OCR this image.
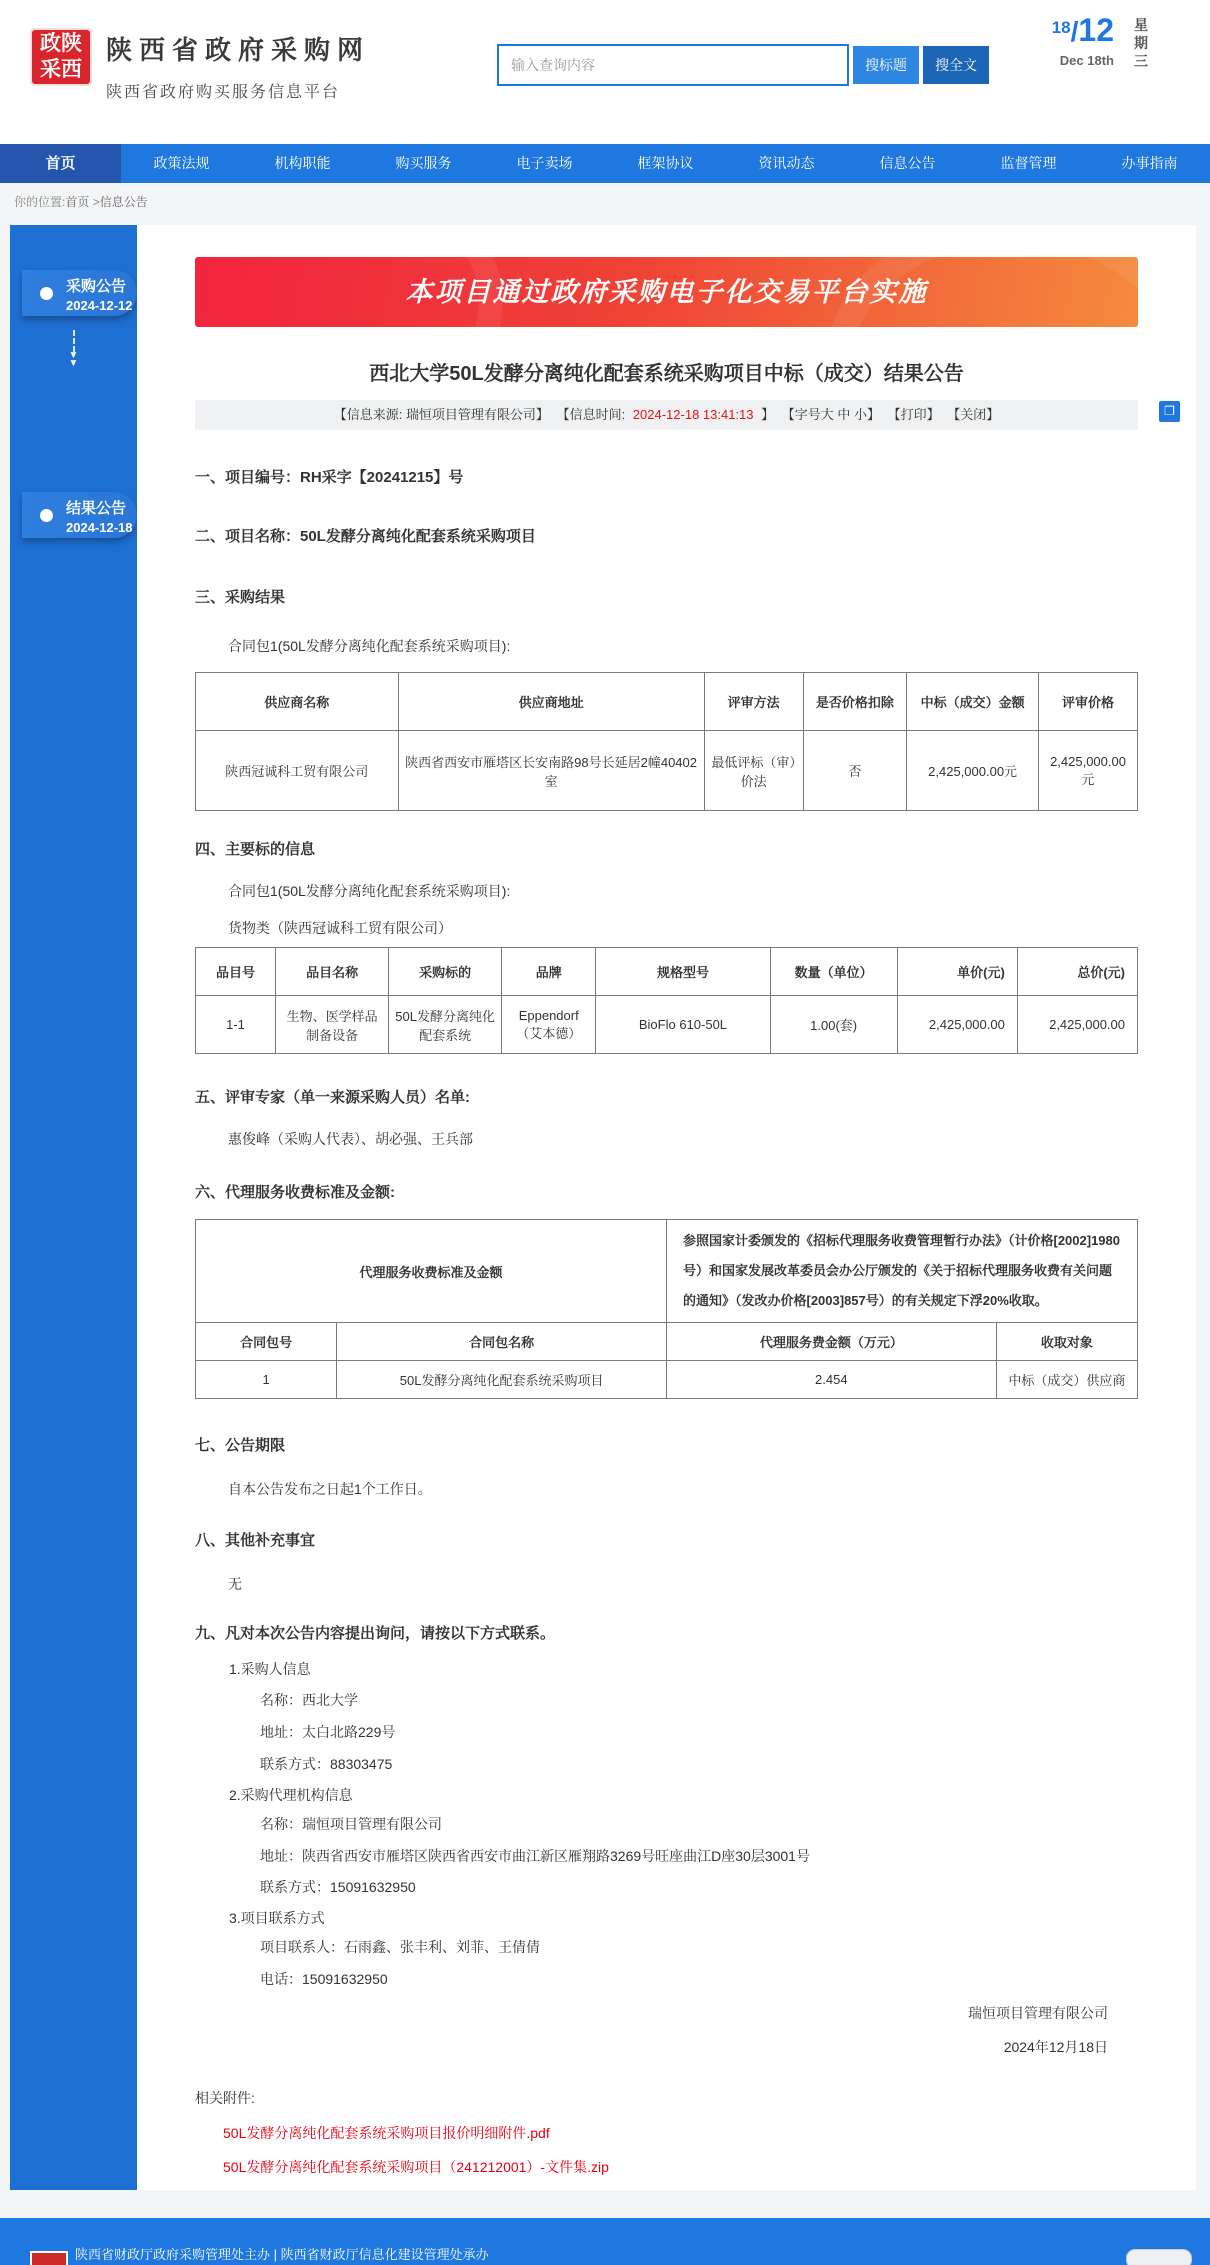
政陕
采西
陕西省政府采购网
陕西省政府购买服务信息平台
输入查询内容
搜标题	搜全文
18/12
Dec 18th
星期三
首页	政策法规	机构职能	购买服务	电子卖场	框架协议	资讯动态	信息公告	监督管理	办事指南
你的位置:首页 >信息公告
采购公告
2024-12-12
▼
▼
结果公告
2024-12-18
❐
本项目通过政府采购电子化交易平台实施
西北大学50L发酵分离纯化配套系统采购项目中标（成交）结果公告
【信息来源: 瑞恒项目管理有限公司】 【信息时间: 2024-12-18 13:41:13 】 【字号大 中 小】 【打印】 【关闭】
一、项目编号：RH采字【20241215】号
二、项目名称：50L发酵分离纯化配套系统采购项目
三、采购结果
合同包1(50L发酵分离纯化配套系统采购项目):
供应商名称	供应商地址	评审方法	是否价格扣除	中标（成交）金额	评审价格
陕西冠诚科工贸有限公司	陕西省西安市雁塔区长安南路98号长延居2幢40402室	最低评标（审）价法	否	2,425,000.00元	2,425,000.00元
四、主要标的信息
合同包1(50L发酵分离纯化配套系统采购项目):
货物类（陕西冠诚科工贸有限公司）
品目号	品目名称	采购标的	品牌	规格型号	数量（单位）	单价(元)	总价(元)
1-1	生物、医学样品制备设备	50L发酵分离纯化配套系统	Eppendorf（艾本德）	BioFlo 610-50L	1.00(套)	2,425,000.00	2,425,000.00
五、评审专家（单一来源采购人员）名单:
惠俊峰（采购人代表）、胡必强、王兵部
六、代理服务收费标准及金额:
代理服务收费标准及金额		参照国家计委颁发的《招标代理服务收费管理暂行办法》（计价格[2002]1980号）和国家发展改革委员会办公厅颁发的《关于招标代理服务收费有关问题的通知》（发改办价格[2003]857号）的有关规定下浮20%收取。	
合同包号	合同包名称	代理服务费金额（万元）	收取对象
1	50L发酵分离纯化配套系统采购项目	2.454	中标（成交）供应商
七、公告期限
自本公告发布之日起1个工作日。
八、其他补充事宜
无
九、凡对本次公告内容提出询问，请按以下方式联系。
1.采购人信息
名称：西北大学
地址：太白北路229号
联系方式：88303475
2.采购代理机构信息
名称：瑞恒项目管理有限公司
地址：陕西省西安市雁塔区陕西省西安市曲江新区雁翔路3269号旺座曲江D座30层3001号
联系方式：15091632950
3.项目联系方式
项目联系人：石雨鑫、张丰利、刘菲、王倩倩
电话：15091632950
瑞恒项目管理有限公司
2024年12月18日
相关附件:
50L发酵分离纯化配套系统采购项目报价明细附件.pdf
50L发酵分离纯化配套系统采购项目（241212001）-文件集.zip
陕西省财政厅政府采购管理处主办 | 陕西省财政厅信息化建设管理处承办
